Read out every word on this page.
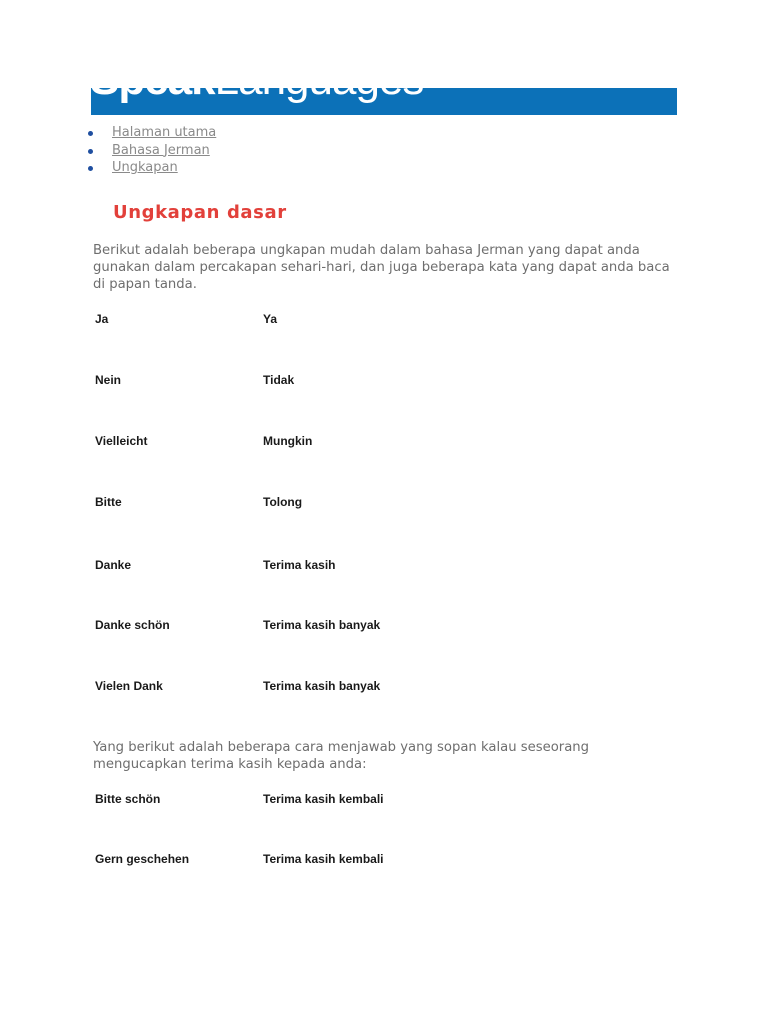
SpeakLanguages
Halaman utama
Bahasa Jerman
Ungkapan
Ungkapan dasar

Berikut adalah beberapa ungkapan mudah dalam bahasa Jerman yang dapat anda gunakan dalam percakapan sehari-hari, dan juga beberapa kata yang dapat anda baca di papan tanda.

Ja	Ya
Nein	Tidak
Vielleicht	Mungkin
Bitte	Tolong
Danke	Terima kasih
Danke schön	Terima kasih banyak
Vielen Dank	Terima kasih banyak

Yang berikut adalah beberapa cara menjawab yang sopan kalau seseorang mengucapkan terima kasih kepada anda:

Bitte schön	Terima kasih kembali
Gern geschehen	Terima kasih kembali
